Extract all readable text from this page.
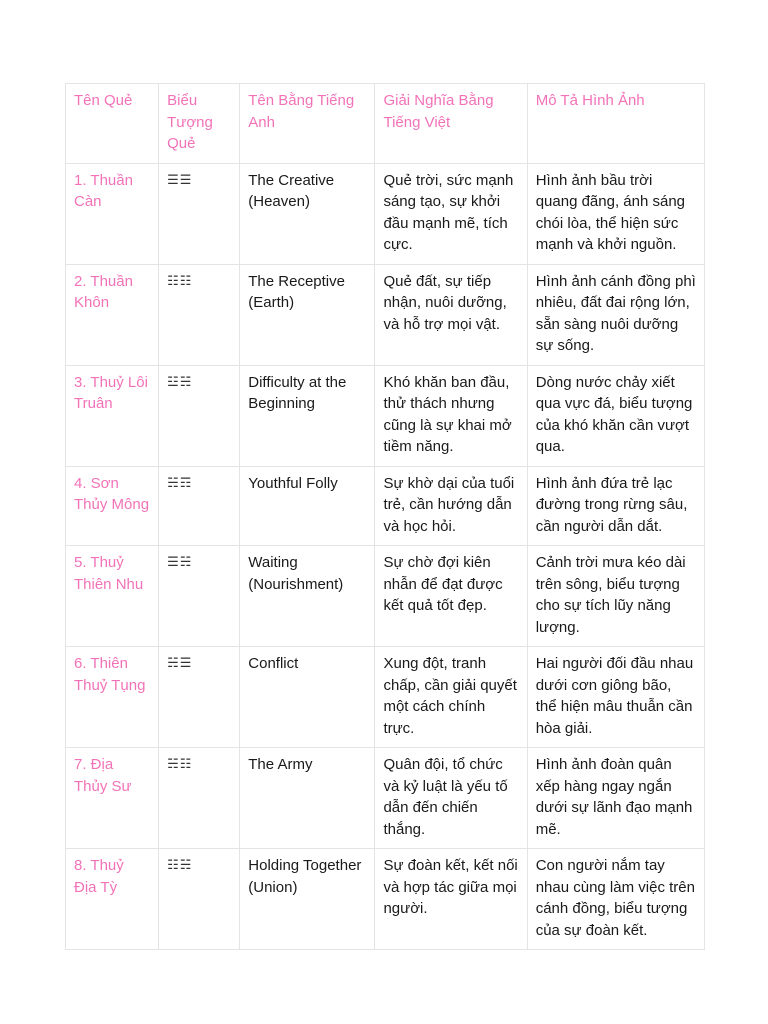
Tên Quẻ	Biểu Tượng Quẻ	Tên Bằng Tiếng Anh	Giải Nghĩa Bằng Tiếng Việt	Mô Tả Hình Ảnh
1. Thuần Càn	☰☰	The Creative (Heaven)	Quẻ trời, sức mạnh sáng tạo, sự khởi đầu mạnh mẽ, tích cực.	Hình ảnh bầu trời quang đãng, ánh sáng chói lòa, thể hiện sức mạnh và khởi nguồn.
2. Thuần Khôn	☷☷	The Receptive (Earth)	Quẻ đất, sự tiếp nhận, nuôi dưỡng, và hỗ trợ mọi vật.	Hình ảnh cánh đồng phì nhiêu, đất đai rộng lớn, sẵn sàng nuôi dưỡng sự sống.
3. Thuỷ Lôi Truân	☳☵	Difficulty at the Beginning	Khó khăn ban đầu, thử thách nhưng cũng là sự khai mở tiềm năng.	Dòng nước chảy xiết qua vực đá, biểu tượng của khó khăn cần vượt qua.
4. Sơn Thủy Mông	☵☶	Youthful Folly	Sự khờ dại của tuổi trẻ, cần hướng dẫn và học hỏi.	Hình ảnh đứa trẻ lạc đường trong rừng sâu, cần người dẫn dắt.
5. Thuỷ Thiên Nhu	☰☵	Waiting (Nourishment)	Sự chờ đợi kiên nhẫn để đạt được kết quả tốt đẹp.	Cảnh trời mưa kéo dài trên sông, biểu tượng cho sự tích lũy năng lượng.
6. Thiên Thuỷ Tụng	☵☰	Conflict	Xung đột, tranh chấp, cần giải quyết một cách chính trực.	Hai người đối đầu nhau dưới cơn giông bão, thể hiện mâu thuẫn cần hòa giải.
7. Địa Thủy Sư	☵☷	The Army	Quân đội, tổ chức và kỷ luật là yếu tố dẫn đến chiến thắng.	Hình ảnh đoàn quân xếp hàng ngay ngắn dưới sự lãnh đạo mạnh mẽ.
8. Thuỷ Địa Tỳ	☷☵	Holding Together (Union)	Sự đoàn kết, kết nối và hợp tác giữa mọi người.	Con người nắm tay nhau cùng làm việc trên cánh đồng, biểu tượng của sự đoàn kết.
